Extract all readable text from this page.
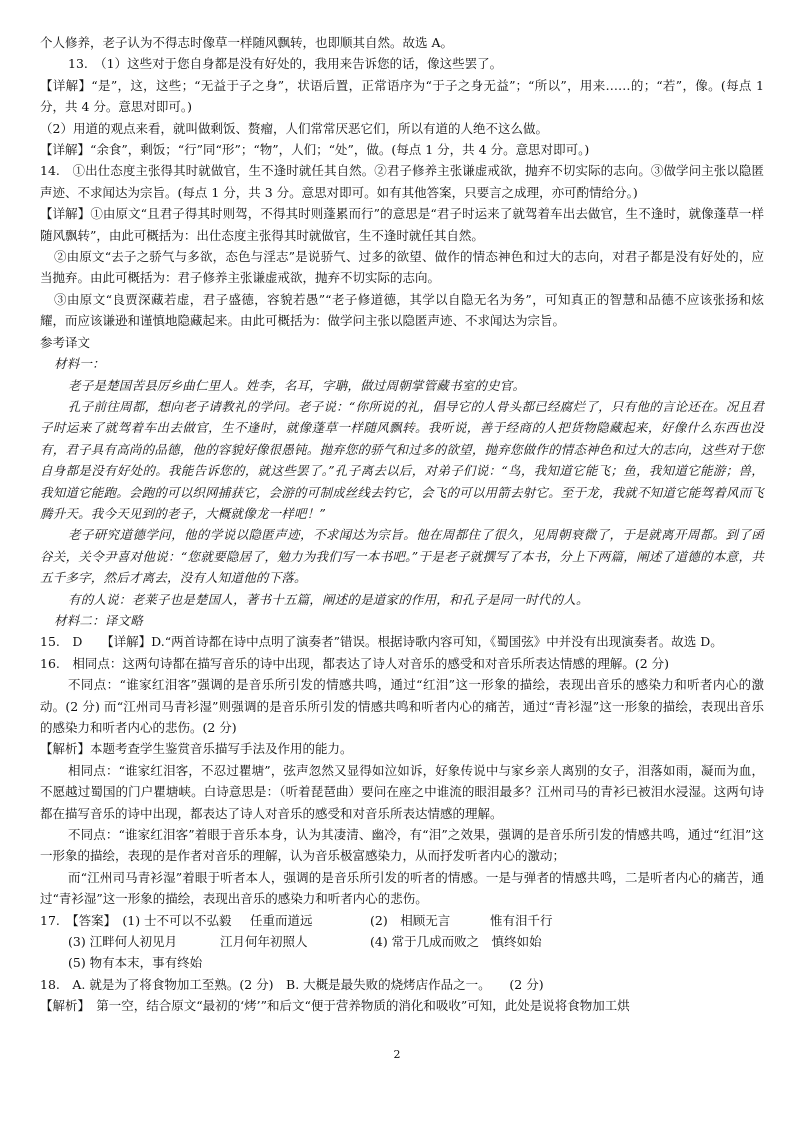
个人修养，老子认为不得志时像草一样随风飘转，也即顺其自然。故选 A。

13.　（1）这些对于您自身都是没有好处的，我用来告诉您的话，像这些罢了。

【详解】“是”，这，这些；“无益于子之身”，状语后置，正常语序为“于子之身无益”；“所以”，用来……的；“若”，像。(每点 1 分，共 4 分。意思对即可。)

（2）用道的观点来看，就叫做剩饭、赘瘤，人们常常厌恶它们，所以有道的人绝不这么做。

【详解】“余食”，剩饭；“行”同“形”；“物”，人们；“处”，做。(每点 1 分，共 4 分。意思对即可。)

14.　①出仕态度主张得其时就做官，生不逢时就任其自然。②君子修养主张谦虚戒欲，抛弃不切实际的志向。③做学问主张以隐匿声迹、不求闻达为宗旨。(每点 1 分，共 3 分。意思对即可。如有其他答案，只要言之成理，亦可酌情给分。)

【详解】①由原文“且君子得其时则驾，不得其时则蓬累而行”的意思是“君子时运来了就驾着车出去做官，生不逢时，就像蓬草一样随风飘转”，由此可概括为：出仕态度主张得其时就做官，生不逢时就任其自然。

②由原文“去子之骄气与多欲，态色与淫志”是说骄气、过多的欲望、做作的情态神色和过大的志向，对君子都是没有好处的，应当抛弃。由此可概括为：君子修养主张谦虚戒欲，抛弃不切实际的志向。

③由原文“良贾深藏若虚，君子盛德，容貌若愚”“老子修道德，其学以自隐无名为务”，可知真正的智慧和品德不应该张扬和炫耀，而应该谦逊和谨慎地隐藏起来。由此可概括为：做学问主张以隐匿声迹、不求闻达为宗旨。

参考译文

材料一：

老子是楚国苦县厉乡曲仁里人。姓李，名耳，字聃，做过周朝掌管藏书室的史官。

孔子前往周都，想向老子请教礼的学问。老子说：“你所说的礼，倡导它的人骨头都已经腐烂了，只有他的言论还在。况且君子时运来了就驾着车出去做官，生不逢时，就像蓬草一样随风飘转。我听说，善于经商的人把货物隐藏起来，好像什么东西也没有，君子具有高尚的品德，他的容貌好像很愚钝。抛弃您的骄气和过多的欲望，抛弃您做作的情态神色和过大的志向，这些对于您自身都是没有好处的。我能告诉您的，就这些罢了。”孔子离去以后，对弟子们说：“鸟，我知道它能飞；鱼，我知道它能游；兽，我知道它能跑。会跑的可以织网捕获它，会游的可制成丝线去钓它，会飞的可以用箭去射它。至于龙，我就不知道它能驾着风而飞腾升天。我今天见到的老子，大概就像龙一样吧！”

老子研究道德学问，他的学说以隐匿声迹，不求闻达为宗旨。他在周都住了很久，见周朝衰微了，于是就离开周都。到了函谷关，关令尹喜对他说：“您就要隐居了，勉力为我们写一本书吧。”于是老子就撰写了本书，分上下两篇，阐述了道德的本意，共五千多字，然后才离去，没有人知道他的下落。

有的人说：老莱子也是楚国人，著书十五篇，阐述的是道家的作用，和孔子是同一时代的人。

材料二：译文略

15.　D　　【详解】D.“两首诗都在诗中点明了演奏者”错误。根据诗歌内容可知，《蜀国弦》中并没有出现演奏者。故选 D。

16.　相同点：这两句诗都在描写音乐的诗中出现，都表达了诗人对音乐的感受和对音乐所表达情感的理解。(2 分)

不同点：“谁家红泪客”强调的是音乐所引发的情感共鸣，通过“红泪”这一形象的描绘，表现出音乐的感染力和听者内心的激动。(2 分) 而“江州司马青衫湿”则强调的是音乐所引发的情感共鸣和听者内心的痛苦，通过“青衫湿”这一形象的描绘，表现出音乐的感染力和听者内心的悲伤。(2 分)

【解析】本题考查学生鉴赏音乐描写手法及作用的能力。

相同点：“谁家红泪客，不忍过瞿塘”，弦声忽然又显得如泣如诉，好象传说中与家乡亲人离别的女子，泪落如雨，凝而为血，不愿越过蜀国的门户瞿塘峡。白诗意思是：（听着琵琶曲）要问在座之中谁流的眼泪最多？江州司马的青衫已被泪水浸湿。这两句诗都在描写音乐的诗中出现，都表达了诗人对音乐的感受和对音乐所表达情感的理解。

不同点：“谁家红泪客”着眼于音乐本身，认为其凄清、幽冷，有“泪”之效果，强调的是音乐所引发的情感共鸣，通过“红泪”这一形象的描绘，表现的是作者对音乐的理解，认为音乐极富感染力，从而抒发听者内心的激动；

而“江州司马青衫湿”着眼于听者本人，强调的是音乐所引发的听者的情感。一是与弹者的情感共鸣，二是听者内心的痛苦，通过“青衫湿”这一形象的描绘，表现出音乐的感染力和听者内心的悲伤。

17.　【答案】　(1) 士不可以不弘毅	任重而道远	(2)　相顾无言	惟有泪千行
(3) 江畔何人初见月	江月何年初照人	(4) 常于几成而败之　慎终如始
(5) 物有本末，事有终始

18.　A. 就是为了将食物加工至熟。(2 分)　B. 大概是最失败的烧烤店作品之一。　　(2 分)

【解析】　第一空，结合原文“最初的‘烤’”和后文“便于营养物质的消化和吸收”可知，此处是说将食物加工烘

2
